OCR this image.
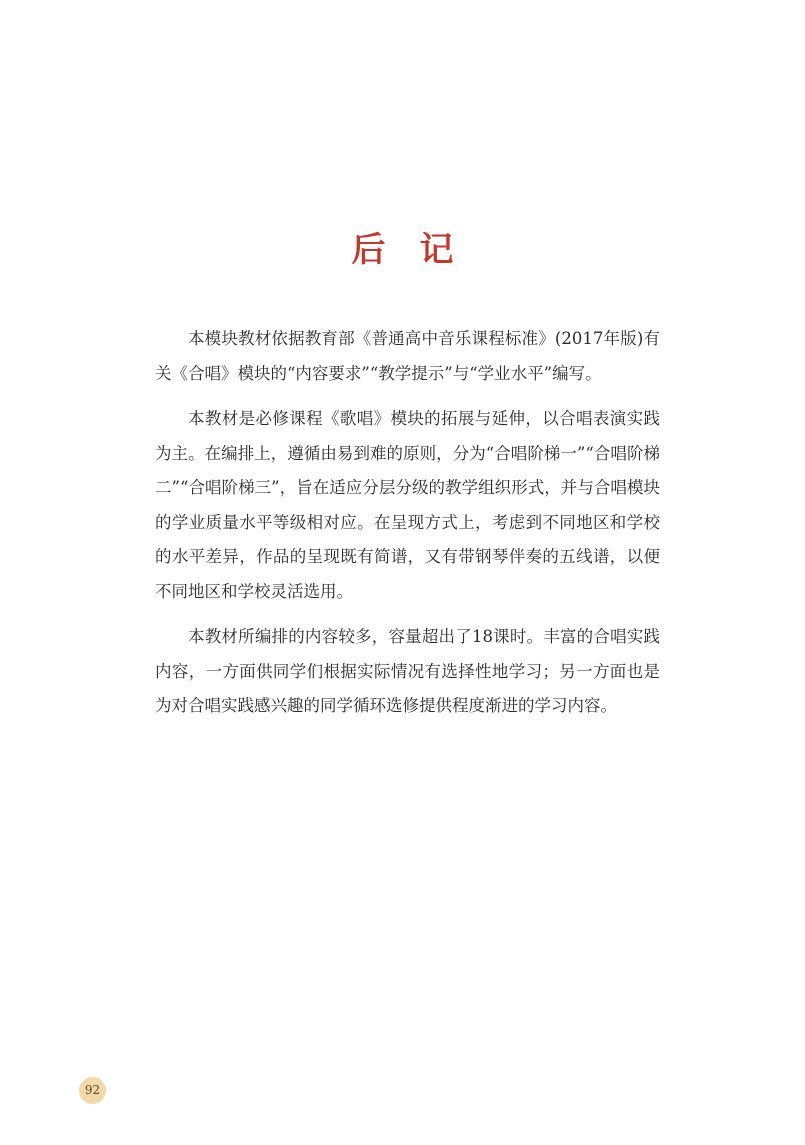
后 记

本模块教材依据教育部《普通高中音乐课程标准》(2017年版)有关《合唱》模块的“内容要求”“教学提示”与“学业水平”编写。

本教材是必修课程《歌唱》模块的拓展与延伸，以合唱表演实践为主。在编排上，遵循由易到难的原则，分为“合唱阶梯一”“合唱阶梯二”“合唱阶梯三”，旨在适应分层分级的教学组织形式，并与合唱模块的学业质量水平等级相对应。在呈现方式上，考虑到不同地区和学校的水平差异，作品的呈现既有简谱，又有带钢琴伴奏的五线谱，以便不同地区和学校灵活选用。

本教材所编排的内容较多，容量超出了18课时。丰富的合唱实践内容，一方面供同学们根据实际情况有选择性地学习；另一方面也是为对合唱实践感兴趣的同学循环选修提供程度渐进的学习内容。

92
